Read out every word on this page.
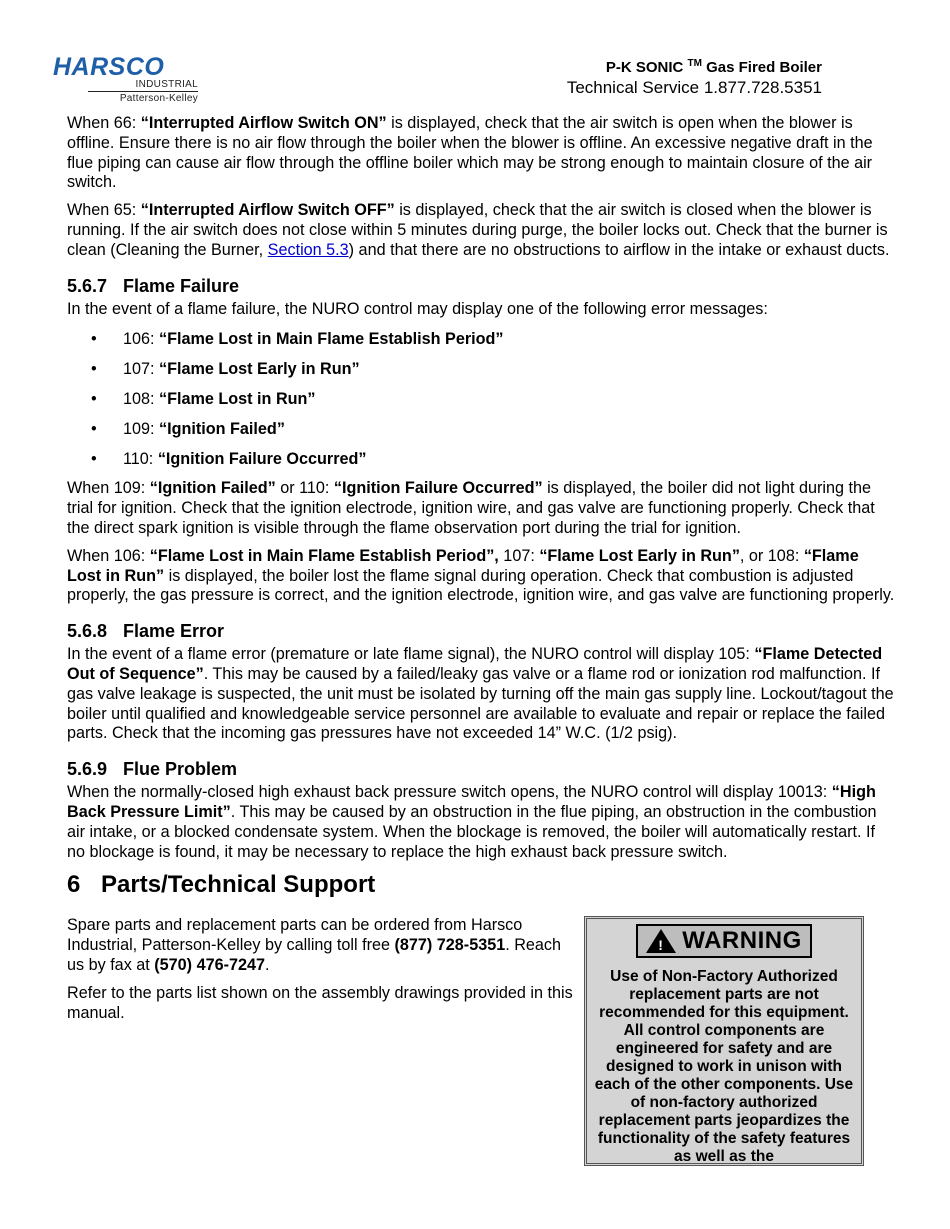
HARSCO
INDUSTRIAL
Patterson-Kelley
P-K SONIC ™ Gas Fired Boiler
Technical Service 1.877.728.5351

When 66: “Interrupted Airflow Switch ON” is displayed, check that the air switch is open when the blower is offline. Ensure there is no air flow through the boiler when the blower is offline. An excessive negative draft in the flue piping can cause air flow through the offline boiler which may be strong enough to maintain closure of the air switch.

When 65: “Interrupted Airflow Switch OFF” is displayed, check that the air switch is closed when the blower is running. If the air switch does not close within 5 minutes during purge, the boiler locks out. Check that the burner is clean (Cleaning the Burner, Section 5.3) and that there are no obstructions to airflow in the intake or exhaust ducts.

5.6.7 Flame Failure

In the event of a flame failure, the NURO control may display one of the following error messages:

• 106: “Flame Lost in Main Flame Establish Period”
• 107: “Flame Lost Early in Run”
• 108: “Flame Lost in Run”
• 109: “Ignition Failed”
• 110: “Ignition Failure Occurred”

When 109: “Ignition Failed” or 110: “Ignition Failure Occurred” is displayed, the boiler did not light during the trial for ignition. Check that the ignition electrode, ignition wire, and gas valve are functioning properly. Check that the direct spark ignition is visible through the flame observation port during the trial for ignition.

When 106: “Flame Lost in Main Flame Establish Period”, 107: “Flame Lost Early in Run”, or 108: “Flame Lost in Run” is displayed, the boiler lost the flame signal during operation. Check that combustion is adjusted properly, the gas pressure is correct, and the ignition electrode, ignition wire, and gas valve are functioning properly.

5.6.8 Flame Error

In the event of a flame error (premature or late flame signal), the NURO control will display 105: “Flame Detected Out of Sequence”. This may be caused by a failed/leaky gas valve or a flame rod or ionization rod malfunction. If gas valve leakage is suspected, the unit must be isolated by turning off the main gas supply line. Lockout/tagout the boiler until qualified and knowledgeable service personnel are available to evaluate and repair or replace the failed parts. Check that the incoming gas pressures have not exceeded 14” W.C. (1/2 psig).

5.6.9 Flue Problem

When the normally-closed high exhaust back pressure switch opens, the NURO control will display 10013: “High Back Pressure Limit”. This may be caused by an obstruction in the flue piping, an obstruction in the combustion air intake, or a blocked condensate system. When the blockage is removed, the boiler will automatically restart. If no blockage is found, it may be necessary to replace the high exhaust back pressure switch.

6 Parts/Technical Support

Spare parts and replacement parts can be ordered from Harsco Industrial, Patterson-Kelley by calling toll free (877) 728-5351. Reach us by fax at (570) 476-7247.

Refer to the parts list shown on the assembly drawings provided in this manual.

! WARNING
Use of Non-Factory Authorized replacement parts are not recommended for this equipment. All control components are engineered for safety and are designed to work in unison with each of the other components. Use of non-factory authorized replacement parts jeopardizes the functionality of the safety features as well as the
